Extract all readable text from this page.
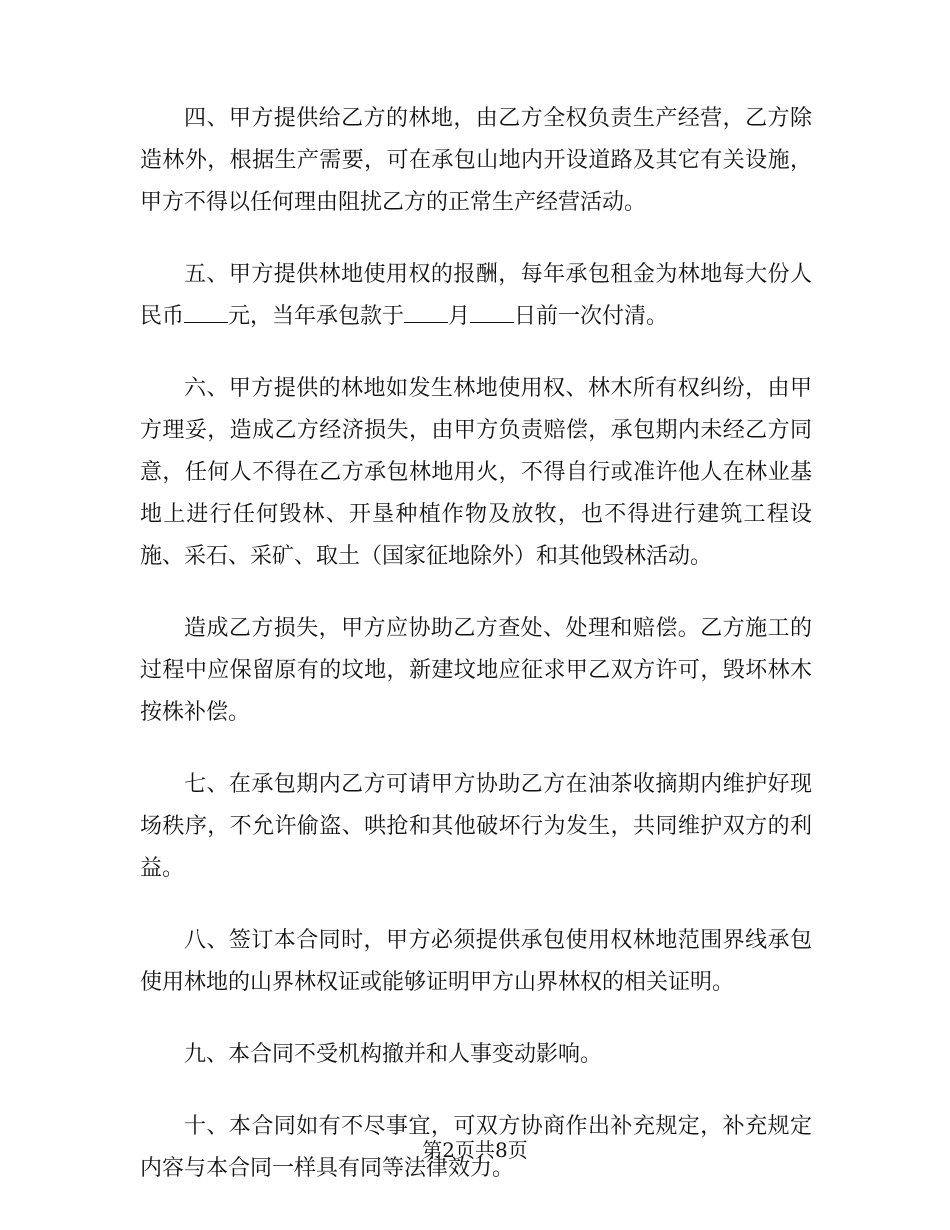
四、甲方提供给乙方的林地，由乙方全权负责生产经营，乙方除造林外，根据生产需要，可在承包山地内开设道路及其它有关设施，甲方不得以任何理由阻扰乙方的正常生产经营活动。

五、甲方提供林地使用权的报酬，每年承包租金为林地每大份人民币 元，当年承包款于 月 日前一次付清。

六、甲方提供的林地如发生林地使用权、林木所有权纠纷，由甲方理妥，造成乙方经济损失，由甲方负责赔偿，承包期内未经乙方同意，任何人不得在乙方承包林地用火，不得自行或准许他人在林业基地上进行任何毁林、开垦种植作物及放牧，也不得进行建筑工程设施、采石、采矿、取土（国家征地除外）和其他毁林活动。

造成乙方损失，甲方应协助乙方查处、处理和赔偿。乙方施工的过程中应保留原有的坟地，新建坟地应征求甲乙双方许可，毁坏林木按株补偿。

七、在承包期内乙方可请甲方协助乙方在油茶收摘期内维护好现场秩序，不允许偷盗、哄抢和其他破坏行为发生，共同维护双方的利益。

八、签订本合同时，甲方必须提供承包使用权林地范围界线承包使用林地的山界林权证或能够证明甲方山界林权的相关证明。

九、本合同不受机构撤并和人事变动影响。

十、本合同如有不尽事宜，可双方协商作出补充规定，补充规定内容与本合同一样具有同等法律效力。

第2页共8页
